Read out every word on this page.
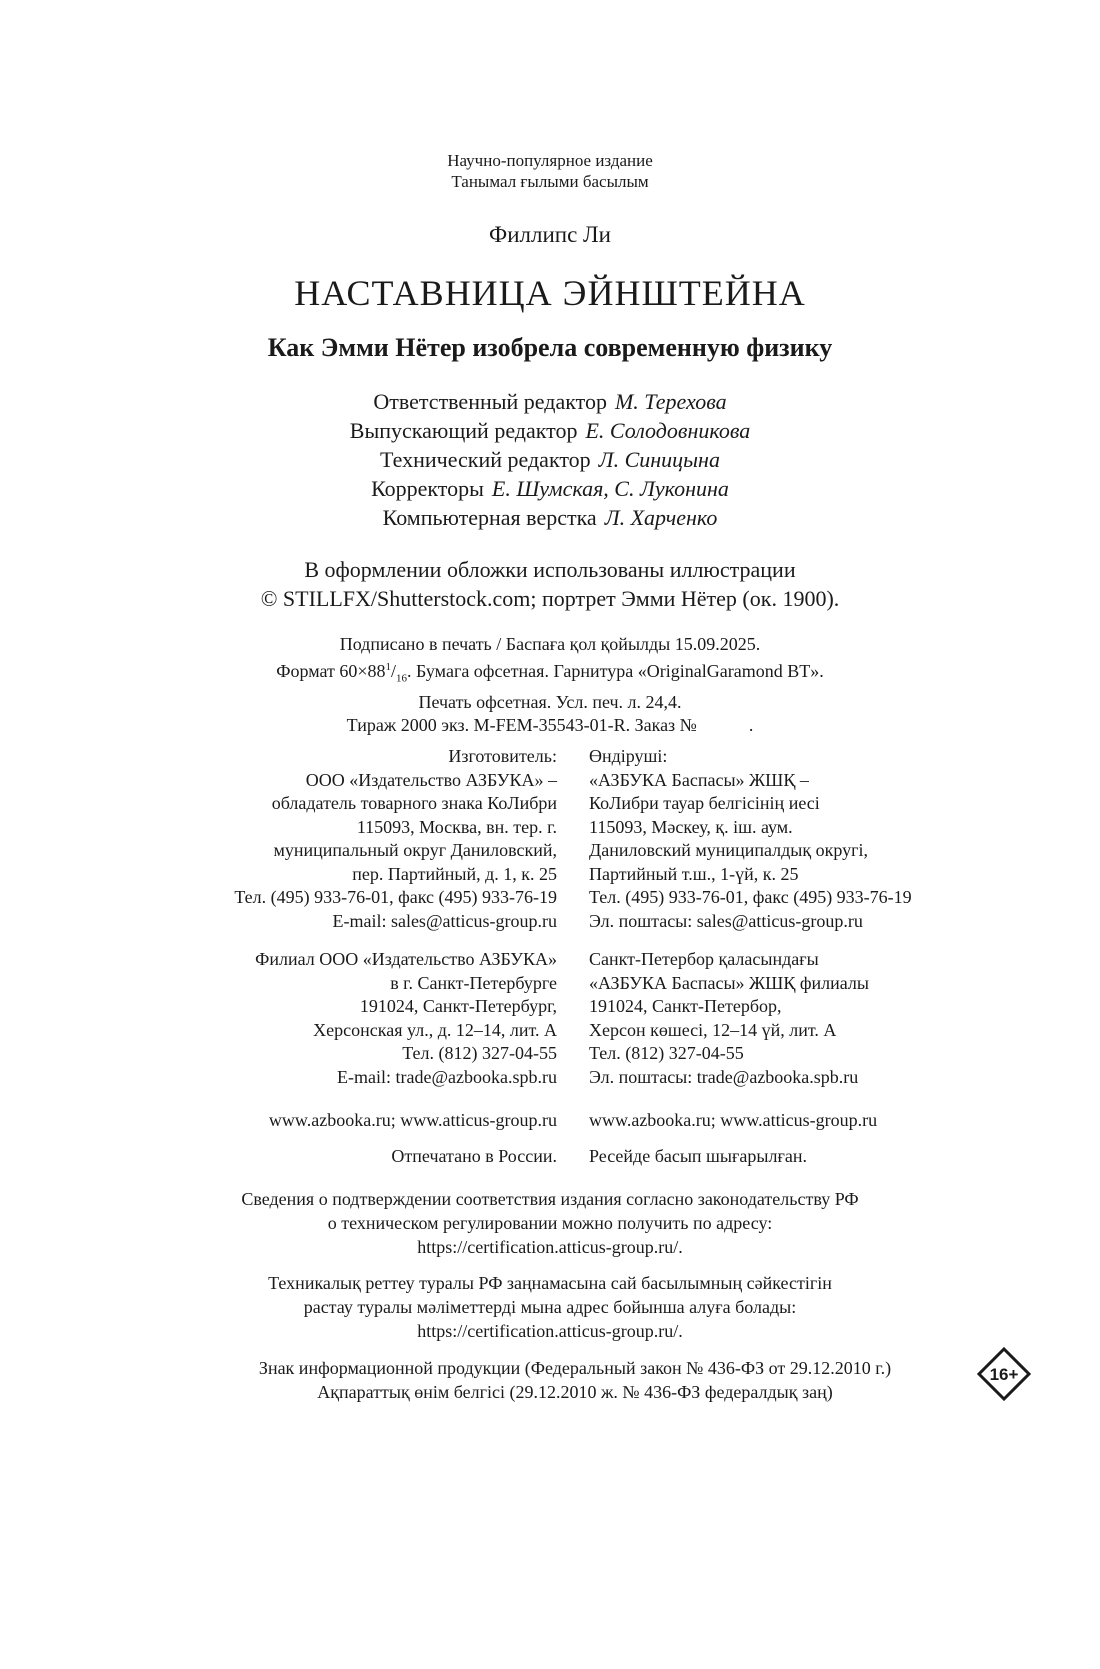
Научно-популярное издание
Танымал ғылыми басылым
Филлипс Ли
НАСТАВНИЦА ЭЙНШТЕЙНА
Как Эмми Нётер изобрела современную физику
Ответственный редактор М. Терехова
Выпускающий редактор Е. Солодовникова
Технический редактор Л. Синицына
Корректоры Е. Шумская, С. Луконина
Компьютерная верстка Л. Харченко
В оформлении обложки использованы иллюстрации
© STILLFX/Shutterstock.com; портрет Эмми Нётер (ок. 1900).
Подписано в печать / Баспаға қол қойылды 15.09.2025.
Формат $60\times 88^1/_{16}$. Бумага офсетная. Гарнитура «OriginalGaramond BT».
Печать офсетная. Усл. печ. л. 24,4.
Тираж 2000 экз. M-FEM-35543-01-R. Заказ №	.
Изготовитель:
ООО «Издательство АЗБУКА» –
обладатель товарного знака КоЛибри
115093, Москва, вн. тер. г.
муниципальный округ Даниловский,
пер. Партийный, д. 1, к. 25
Тел. (495) 933-76-01, факс (495) 933-76-19
E-mail: sales@atticus-group.ru
Өндіруші:
«АЗБУКА Баспасы» ЖШҚ –
КоЛибри тауар белгісінің иесі
115093, Мәскеу, қ. іш. аум.
Даниловский муниципалдық округі,
Партийный т.ш., 1-үй, к. 25
Тел. (495) 933-76-01, факс (495) 933-76-19
Эл. поштасы: sales@atticus-group.ru
Филиал ООО «Издательство АЗБУКА»
в г. Санкт-Петербурге
191024, Санкт-Петербург,
Херсонская ул., д. 12–14, лит. А
Тел. (812) 327-04-55
E-mail: trade@azbooka.spb.ru
Санкт-Петербор қаласындағы
«АЗБУКА Баспасы» ЖШҚ филиалы
191024, Санкт-Петербор,
Херсон көшесі, 12–14 үй, лит. А
Тел. (812) 327-04-55
Эл. поштасы: trade@azbooka.spb.ru
www.azbooka.ru; www.atticus-group.ru www.azbooka.ru; www.atticus-group.ru
Отпечатано в России. Ресейде басып шығарылған.
Сведения о подтверждении соответствия издания согласно законодательству РФ
о техническом регулировании можно получить по адресу:
https://certification.atticus-group.ru/.
Техникалық реттеу туралы РФ заңнамасына сай басылымның сәйкестігін
растау туралы мәліметтерді мына адрес бойынша алуға болады:
https://certification.atticus-group.ru/.
Знак информационной продукции (Федеральный закон № 436-ФЗ от 29.12.2010 г.)
Ақпараттық өнім белгісі (29.12.2010 ж. № 436-ФЗ федералдық заң)
16+
